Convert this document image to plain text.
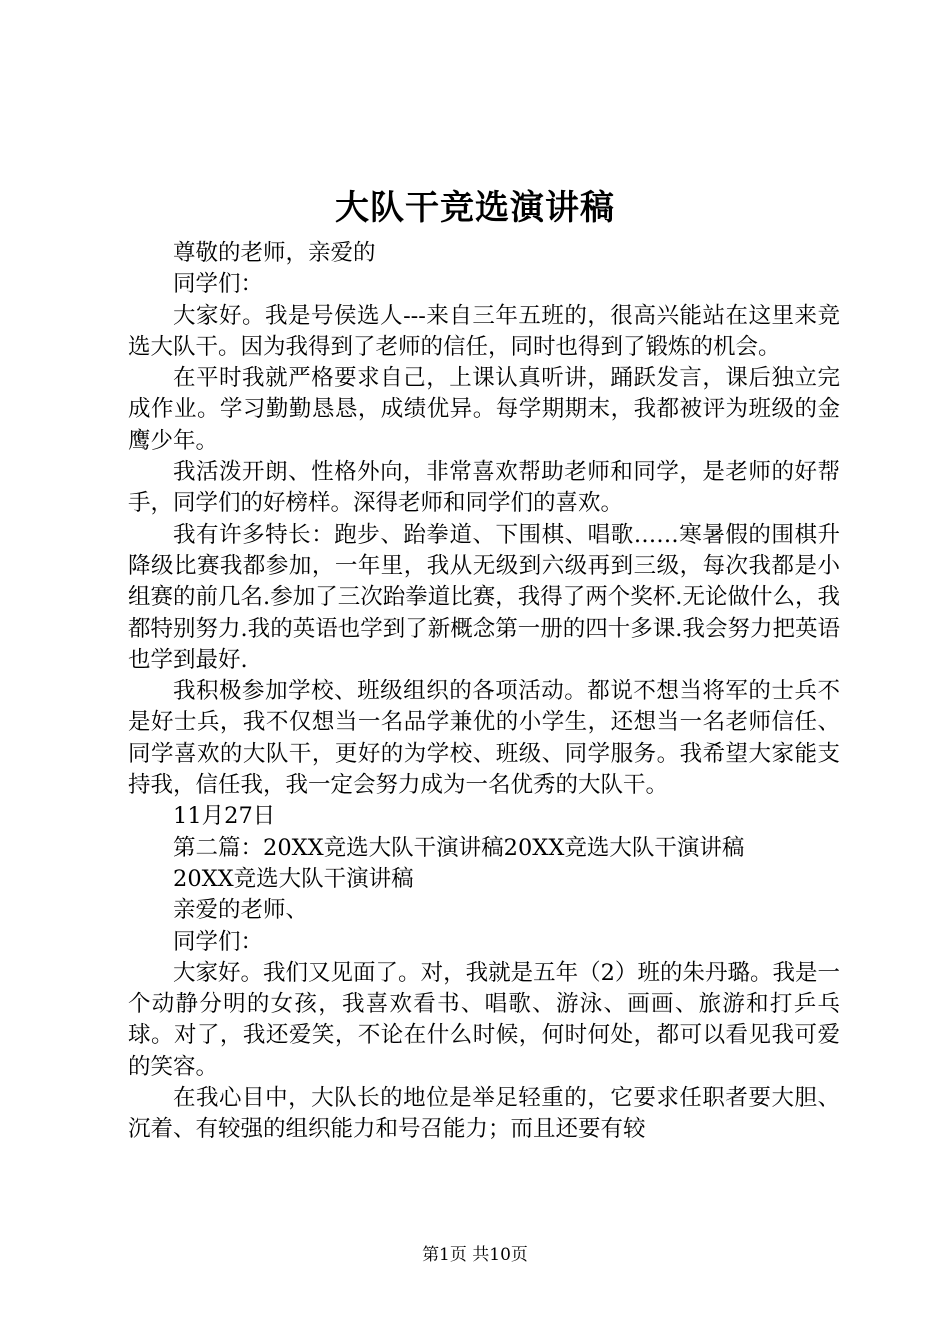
大队干竞选演讲稿

尊敬的老师，亲爱的

同学们：

大家好。我是号侯选人---来自三年五班的，很高兴能站在这里来竞选大队干。因为我得到了老师的信任，同时也得到了锻炼的机会。

在平时我就严格要求自己，上课认真听讲，踊跃发言，课后独立完成作业。学习勤勤恳恳，成绩优异。每学期期末，我都被评为班级的金鹰少年。

我活泼开朗、性格外向，非常喜欢帮助老师和同学，是老师的好帮手，同学们的好榜样。深得老师和同学们的喜欢。

我有许多特长：跑步、跆拳道、下围棋、唱歌……寒暑假的围棋升降级比赛我都参加，一年里，我从无级到六级再到三级，每次我都是小组赛的前几名.参加了三次跆拳道比赛，我得了两个奖杯.无论做什么，我都特别努力.我的英语也学到了新概念第一册的四十多课.我会努力把英语也学到最好.

我积极参加学校、班级组织的各项活动。都说不想当将军的士兵不是好士兵，我不仅想当一名品学兼优的小学生，还想当一名老师信任、同学喜欢的大队干，更好的为学校、班级、同学服务。我希望大家能支持我，信任我，我一定会努力成为一名优秀的大队干。

11月27日

第二篇：20XX竞选大队干演讲稿20XX竞选大队干演讲稿

20XX竞选大队干演讲稿

亲爱的老师、

同学们：

大家好。我们又见面了。对，我就是五年（2）班的朱丹璐。我是一个动静分明的女孩，我喜欢看书、唱歌、游泳、画画、旅游和打乒乓球。对了，我还爱笑，不论在什么时候，何时何处，都可以看见我可爱的笑容。

在我心目中，大队长的地位是举足轻重的，它要求任职者要大胆、沉着、有较强的组织能力和号召能力；而且还要有较

第1页 共10页
